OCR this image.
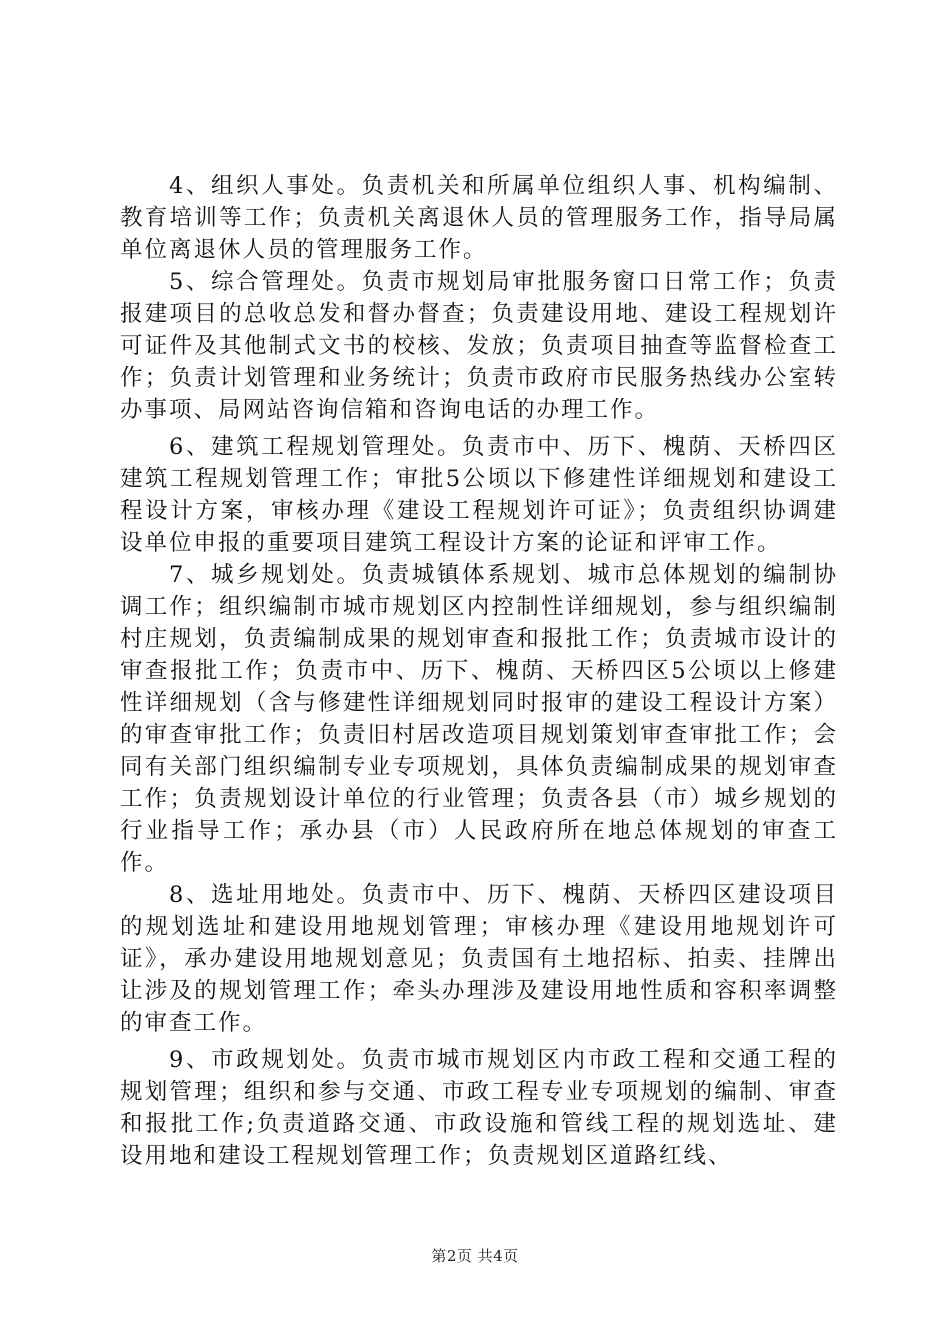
4、组织人事处。负责机关和所属单位组织人事、机构编制、教育培训等工作；负责机关离退休人员的管理服务工作，指导局属单位离退休人员的管理服务工作。

5、综合管理处。负责市规划局审批服务窗口日常工作；负责报建项目的总收总发和督办督查；负责建设用地、建设工程规划许可证件及其他制式文书的校核、发放；负责项目抽查等监督检查工作；负责计划管理和业务统计；负责市政府市民服务热线办公室转办事项、局网站咨询信箱和咨询电话的办理工作。

6、建筑工程规划管理处。负责市中、历下、槐荫、天桥四区建筑工程规划管理工作；审批5公顷以下修建性详细规划和建设工程设计方案，审核办理《建设工程规划许可证》；负责组织协调建设单位申报的重要项目建筑工程设计方案的论证和评审工作。

7、城乡规划处。负责城镇体系规划、城市总体规划的编制协调工作；组织编制市城市规划区内控制性详细规划，参与组织编制村庄规划，负责编制成果的规划审查和报批工作；负责城市设计的审查报批工作；负责市中、历下、槐荫、天桥四区5公顷以上修建性详细规划（含与修建性详细规划同时报审的建设工程设计方案）的审查审批工作；负责旧村居改造项目规划策划审查审批工作；会同有关部门组织编制专业专项规划，具体负责编制成果的规划审查工作；负责规划设计单位的行业管理；负责各县（市）城乡规划的行业指导工作；承办县（市）人民政府所在地总体规划的审查工作。

8、选址用地处。负责市中、历下、槐荫、天桥四区建设项目的规划选址和建设用地规划管理；审核办理《建设用地规划许可证》，承办建设用地规划意见；负责国有土地招标、拍卖、挂牌出让涉及的规划管理工作；牵头办理涉及建设用地性质和容积率调整的审查工作。

9、市政规划处。负责市城市规划区内市政工程和交通工程的规划管理；组织和参与交通、市政工程专业专项规划的编制、审查和报批工作;负责道路交通、市政设施和管线工程的规划选址、建设用地和建设工程规划管理工作；负责规划区道路红线、

第2页 共4页
